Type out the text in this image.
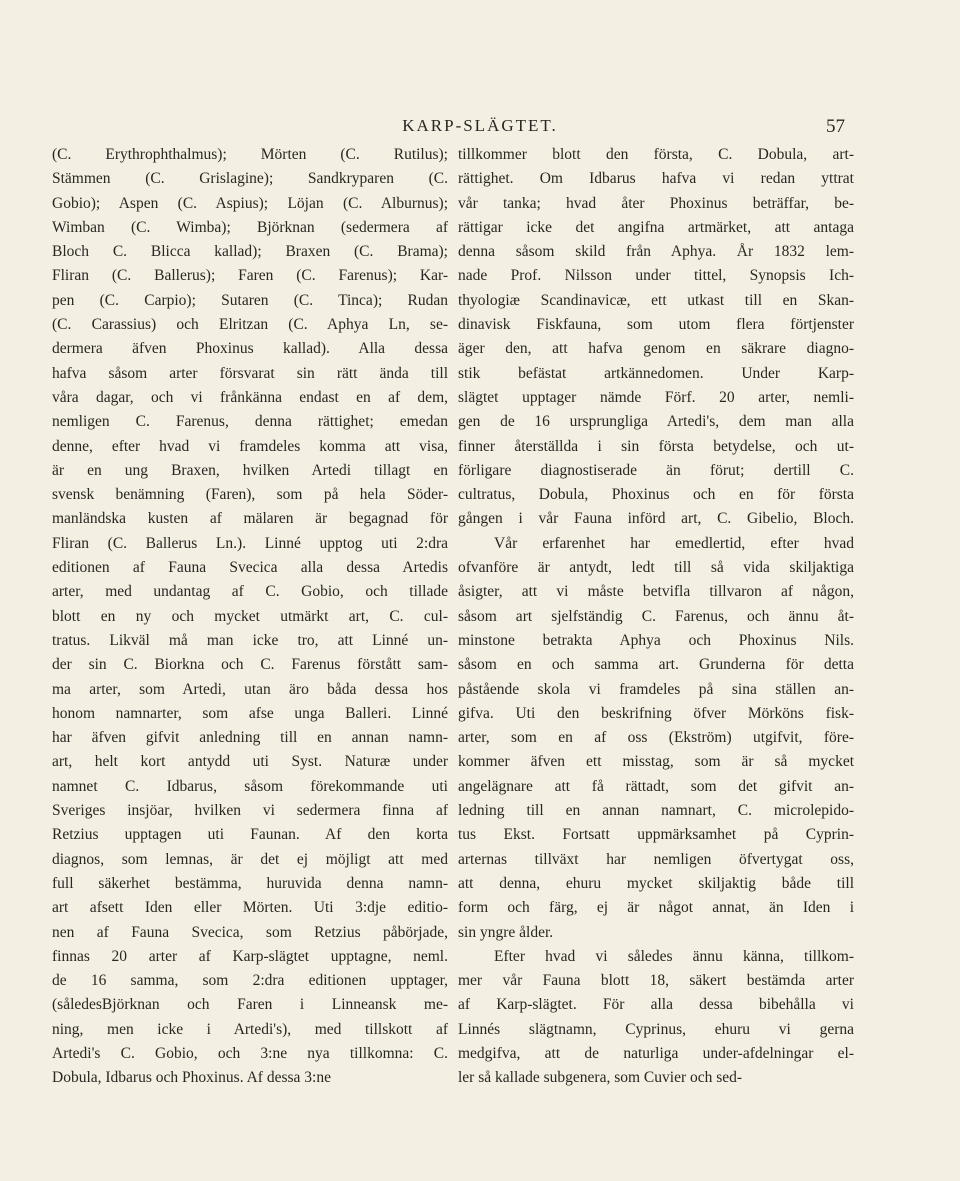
KARP-SLÄGTET.	57
(C. Erythrophthalmus); Mörten (C. Rutilus);
Stämmen (C. Grislagine); Sandkryparen (C.
Gobio); Aspen (C. Aspius); Löjan (C. Alburnus);
Wimban (C. Wimba); Björknan (sedermera af
Bloch C. Blicca kallad); Braxen (C. Brama);
Fliran (C. Ballerus); Faren (C. Farenus); Kar-
pen (C. Carpio); Sutaren (C. Tinca); Rudan
(C. Carassius) och Elritzan (C. Aphya Ln, se-
dermera äfven Phoxinus kallad). Alla dessa
hafva såsom arter försvarat sin rätt ända till
våra dagar, och vi frånkänna endast en af dem,
nemligen C. Farenus, denna rättighet; emedan
denne, efter hvad vi framdeles komma att visa,
är en ung Braxen, hvilken Artedi tillagt en
svensk benämning (Faren), som på hela Söder-
manländska kusten af mälaren är begagnad för
Fliran (C. Ballerus Ln.). Linné upptog uti 2:dra
editionen af Fauna Svecica alla dessa Artedis
arter, med undantag af C. Gobio, och tillade
blott en ny och mycket utmärkt art, C. cul-
tratus. Likväl må man icke tro, att Linné un-
der sin C. Biorkna och C. Farenus förstått sam-
ma arter, som Artedi, utan äro båda dessa hos
honom namnarter, som afse unga Balleri. Linné
har äfven gifvit anledning till en annan namn-
art, helt kort antydd uti Syst. Naturæ under
namnet C. Idbarus, såsom förekommande uti
Sveriges insjöar, hvilken vi sedermera finna af
Retzius upptagen uti Faunan. Af den korta
diagnos, som lemnas, är det ej möjligt att med
full säkerhet bestämma, huruvida denna namn-
art afsett Iden eller Mörten. Uti 3:dje editio-
nen af Fauna Svecica, som Retzius påbörjade,
finnas 20 arter af Karp-slägtet upptagne, neml.
de 16 samma, som 2:dra editionen upptager,
(såledesBjörknan och Faren i Linneansk me-
ning, men icke i Artedi's), med tillskott af
Artedi's C. Gobio, och 3:ne nya tillkomna: C.
Dobula, Idbarus och Phoxinus. Af dessa 3:ne
tillkommer blott den första, C. Dobula, art-
rättighet. Om Idbarus hafva vi redan yttrat
vår tanka; hvad åter Phoxinus beträffar, be-
rättigar icke det angifna artmärket, att antaga
denna såsom skild från Aphya. År 1832 lem-
nade Prof. Nilsson under tittel, Synopsis Ich-
thyologiæ Scandinavicæ, ett utkast till en Skan-
dinavisk Fiskfauna, som utom flera förtjenster
äger den, att hafva genom en säkrare diagno-
stik befästat artkännedomen. Under Karp-
slägtet upptager nämde Förf. 20 arter, nemli-
gen de 16 ursprungliga Artedi's, dem man alla
finner återställda i sin första betydelse, och ut-
förligare diagnostiserade än förut; dertill C.
cultratus, Dobula, Phoxinus och en för första
gången i vår Fauna införd art, C. Gibelio, Bloch.
Vår erfarenhet har emedlertid, efter hvad
ofvanföre är antydt, ledt till så vida skiljaktiga
åsigter, att vi måste betvifla tillvaron af någon,
såsom art sjelfständig C. Farenus, och ännu åt-
minstone betrakta Aphya och Phoxinus Nils.
såsom en och samma art. Grunderna för detta
påstående skola vi framdeles på sina ställen an-
gifva. Uti den beskrifning öfver Mörköns fisk-
arter, som en af oss (Ekström) utgifvit, före-
kommer äfven ett misstag, som är så mycket
angelägnare att få rättadt, som det gifvit an-
ledning till en annan namnart, C. microlepido-
tus Ekst. Fortsatt uppmärksamhet på Cyprin-
arternas tillväxt har nemligen öfvertygat oss,
att denna, ehuru mycket skiljaktig både till
form och färg, ej är något annat, än Iden i
sin yngre ålder.
Efter hvad vi således ännu känna, tillkom-
mer vår Fauna blott 18, säkert bestämda arter
af Karp-slägtet. För alla dessa bibehålla vi
Linnés slägtnamn, Cyprinus, ehuru vi gerna
medgifva, att de naturliga under-afdelningar el-
ler så kallade subgenera, som Cuvier och sed-
